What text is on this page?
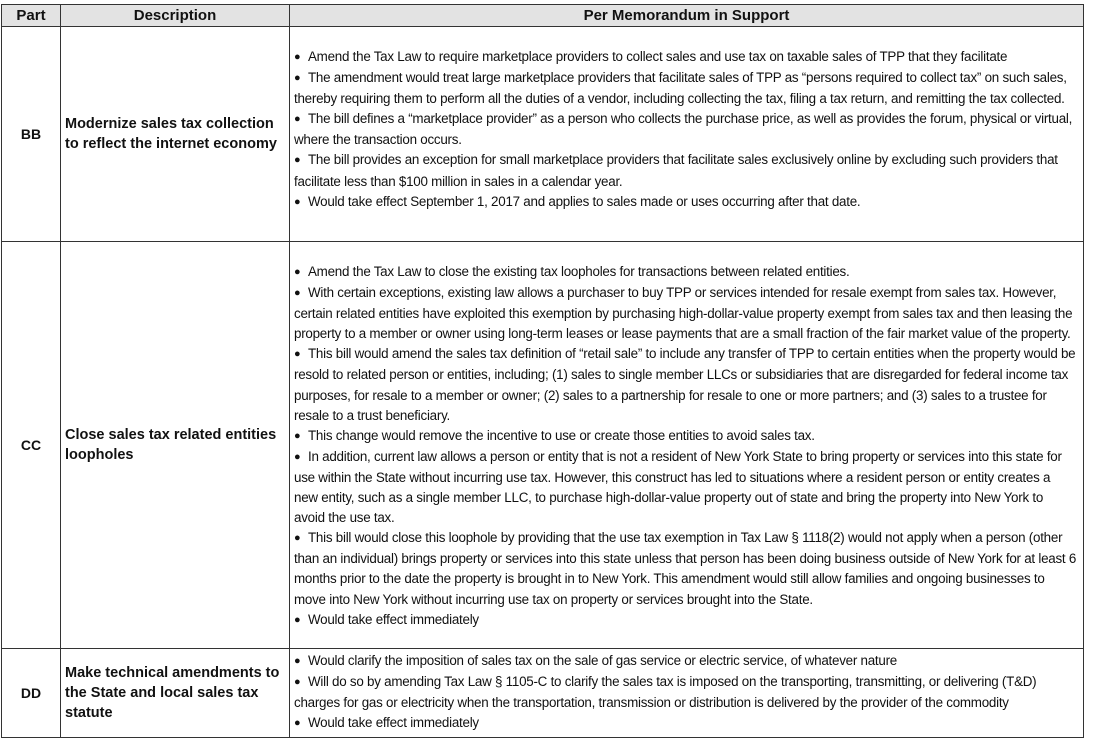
Part	Description	Per Memorandum in Support
BB	Modernize sales tax collection to reflect the internet economy	● Amend the Tax Law to require marketplace providers to collect sales and use tax on taxable sales of TPP that they facilitate
● The amendment would treat large marketplace providers that facilitate sales of TPP as “persons required to collect tax” on such sales, thereby requiring them to perform all the duties of a vendor, including collecting the tax, filing a tax return, and remitting the tax collected.
● The bill defines a “marketplace provider” as a person who collects the purchase price, as well as provides the forum, physical or virtual, where the transaction occurs.
● The bill provides an exception for small marketplace providers that facilitate sales exclusively online by excluding such providers that facilitate less than $100 million in sales in a calendar year.
● Would take effect September 1, 2017 and applies to sales made or uses occurring after that date.

CC	Close sales tax related entities loopholes	
● Amend the Tax Law to close the existing tax loopholes for transactions between related entities.
● With certain exceptions, existing law allows a purchaser to buy TPP or services intended for resale exempt from sales tax. However, certain related entities have exploited this exemption by purchasing high-dollar-value property exempt from sales tax and then leasing the property to a member or owner using long-term leases or lease payments that are a small fraction of the fair market value of the property.
● This bill would amend the sales tax definition of “retail sale” to include any transfer of TPP to certain entities when the property would be resold to related person or entities, including; (1) sales to single member LLCs or subsidiaries that are disregarded for federal income tax purposes, for resale to a member or owner; (2) sales to a partnership for resale to one or more partners; and (3) sales to a trustee for resale to a trust beneficiary.
● This change would remove the incentive to use or create those entities to avoid sales tax.
● In addition, current law allows a person or entity that is not a resident of New York State to bring property or services into this state for use within the State without incurring use tax. However, this construct has led to situations where a resident person or entity creates a new entity, such as a single member LLC, to purchase high-dollar-value property out of state and bring the property into New York to avoid the use tax.
● This bill would close this loophole by providing that the use tax exemption in Tax Law § 1118(2) would not apply when a person (other than an individual) brings property or services into this state unless that person has been doing business outside of New York for at least 6 months prior to the date the property is brought in to New York. This amendment would still allow families and ongoing businesses to move into New York without incurring use tax on property or services brought into the State.
● Would take effect immediately

DD	Make technical amendments to the State and local sales tax statute	● Would clarify the imposition of sales tax on the sale of gas service or electric service, of whatever nature
● Will do so by amending Tax Law § 1105-C to clarify the sales tax is imposed on the transporting, transmitting, or delivering (T&D) charges for gas or electricity when the transportation, transmission or distribution is delivered by the provider of the commodity
● Would take effect immediately
